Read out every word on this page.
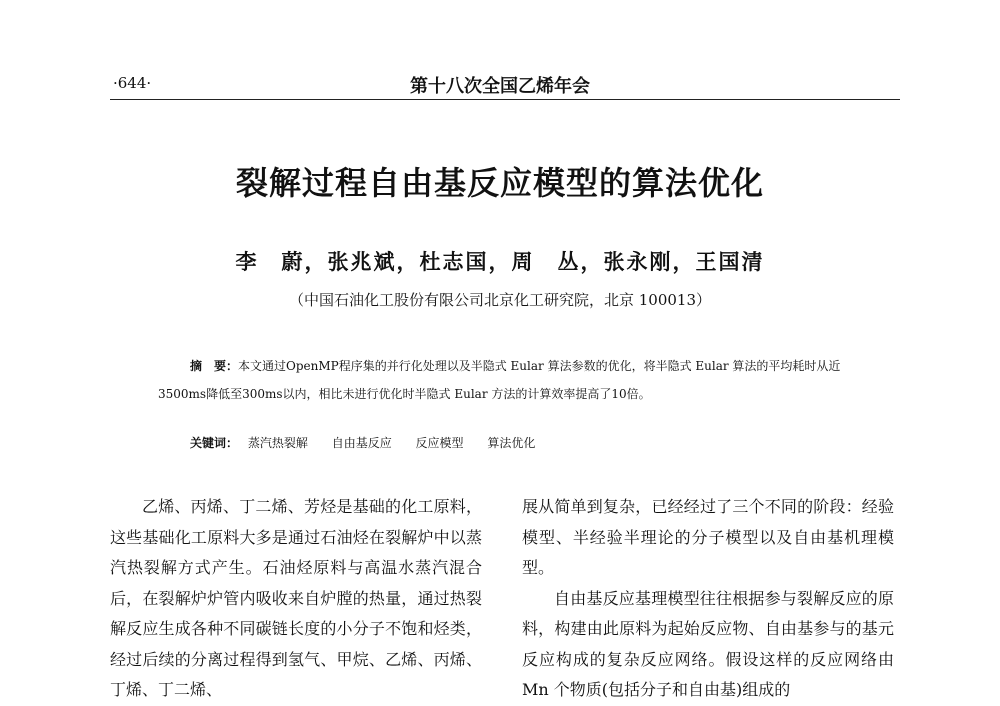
·644·	第十八次全国乙烯年会
裂解过程自由基反应模型的算法优化
李　蔚，张兆斌，杜志国，周　丛，张永刚，王国清
（中国石油化工股份有限公司北京化工研究院，北京 100013）
摘　要：本文通过OpenMP程序集的并行化处理以及半隐式 Eular 算法参数的优化，将半隐式 Eular 算法的平均耗时从近3500ms降低至300ms以内，相比未进行优化时半隐式 Eular 方法的计算效率提高了10倍。
关键词： 蒸汽热裂解 自由基反应 反应模型 算法优化

乙烯、丙烯、丁二烯、芳烃是基础的化工原料，这些基础化工原料大多是通过石油烃在裂解炉中以蒸汽热裂解方式产生。石油烃原料与高温水蒸汽混合后，在裂解炉炉管内吸收来自炉膛的热量，通过热裂解反应生成各种不同碳链长度的小分子不饱和烃类，经过后续的分离过程得到氢气、甲烷、乙烯、丙烯、丁烯、丁二烯、

展从简单到复杂，已经经过了三个不同的阶段：经验模型、半经验半理论的分子模型以及自由基机理模型。

自由基反应基理模型往往根据参与裂解反应的原料，构建由此原料为起始反应物、自由基参与的基元反应构成的复杂反应网络。假设这样的反应网络由 Mn 个物质(包括分子和自由基)组成的
